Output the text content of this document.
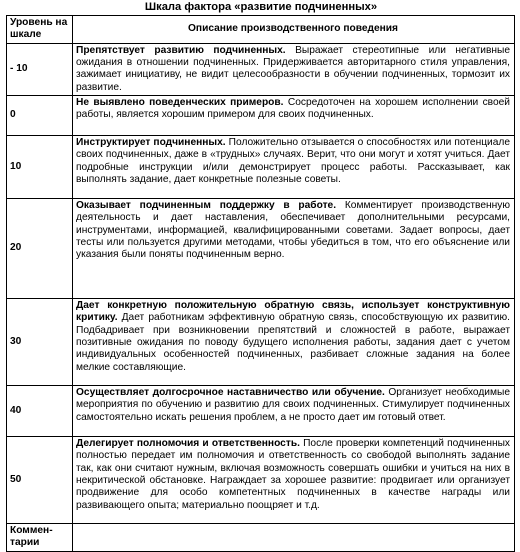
Шкала фактора «развитие подчиненных»
Уровень на шкале	Описание производственного поведения
- 10	Препятствует развитию подчиненных. Выражает стереотипные или негативные ожидания в отношении подчиненных. Придерживается авторитарного стиля управления, зажимает инициативу, не видит целесообразности в обучении подчиненных, тормозит их развитие.
0	Не выявлено поведенческих примеров. Сосредоточен на хорошем исполнении своей работы, является хорошим примером для своих подчиненных.
10	Инструктирует подчиненных. Положительно отзывается о способностях или потенциале своих подчиненных, даже в «трудных» случаях. Верит, что они могут и хотят учиться. Дает подробные инструкции и/или демонстрирует процесс работы. Рассказывает, как выполнять задание, дает конкретные полезные советы.
20	Оказывает подчиненным поддержку в работе. Комментирует производственную деятельность и дает наставления, обеспечивает дополнительными ресурсами, инструментами, информацией, квалифицированными советами. Задает вопросы, дает тесты или пользуется другими методами, чтобы убедиться в том, что его объяснение или указания были поняты подчиненным верно.
30	Дает конкретную положительную обратную связь, использует конструктивную критику. Дает работникам эффективную обратную связь, способствующую их развитию. Подбадривает при возникновении препятствий и сложностей в работе, выражает позитивные ожидания по поводу будущего исполнения работы, задания дает с учетом индивидуальных особенностей подчиненных, разбивает сложные задания на более мелкие составляющие.
40	Осуществляет долгосрочное наставничество или обучение. Организует необходимые мероприятия по обучению и развитию для своих подчиненных. Стимулирует подчиненных самостоятельно искать решения проблем, а не просто дает им готовый ответ.
50	Делегирует полномочия и ответственность. После проверки компетенций подчиненных полностью передает им полномочия и ответственность со свободой выполнять задание так, как они считают нужным, включая возможность совершать ошибки и учиться на них в некритической обстановке. Награждает за хорошее развитие: продвигает или организует продвижение для особо компетентных подчиненных в качестве награды или развивающего опыта; материально поощряет и т.д.
Коммен- тарии	
